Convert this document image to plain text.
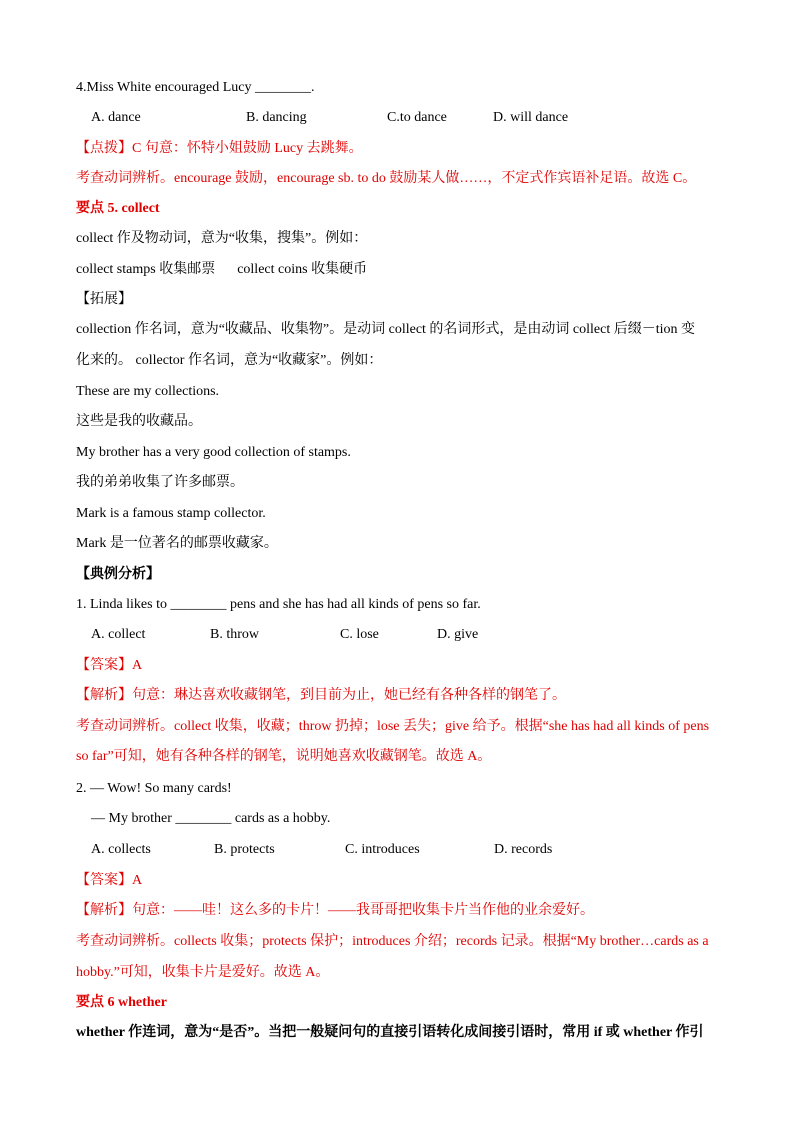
4.Miss White encouraged Lucy ________.
A. dance	B. dancing	C.to dance	D. will dance
【点拨】C 句意：怀特小姐鼓励 Lucy 去跳舞。
考查动词辨析。encourage 鼓励，encourage sb. to do 鼓励某人做……，不定式作宾语补足语。故选 C。
要点 5. collect
collect 作及物动词，意为“收集，搜集”。例如：
collect stamps 收集邮票 collect coins 收集硬币
【拓展】
collection 作名词，意为“收藏品、收集物”。是动词 collect 的名词形式，是由动词 collect 后缀－tion 变
化来的。 collector 作名词，意为“收藏家”。例如：
These are my collections.
这些是我的收藏品。
My brother has a very good collection of stamps.
我的弟弟收集了许多邮票。
Mark is a famous stamp collector.
Mark 是一位著名的邮票收藏家。
【典例分析】
1. Linda likes to ________ pens and she has had all kinds of pens so far.
A. collect	B. throw	C. lose	D. give
【答案】A
【解析】句意：琳达喜欢收藏钢笔，到目前为止，她已经有各种各样的钢笔了。
考查动词辨析。collect 收集，收藏；throw 扔掉；lose 丢失；give 给予。根据“she has had all kinds of pens
so far”可知，她有各种各样的钢笔，说明她喜欢收藏钢笔。故选 A。
2. — Wow! So many cards!
— My brother ________ cards as a hobby.
A. collects	B. protects	C. introduces	D. records
【答案】A
【解析】句意：——哇！这么多的卡片！——我哥哥把收集卡片当作他的业余爱好。
考查动词辨析。collects 收集；protects 保护；introduces 介绍；records 记录。根据“My brother…cards as a
hobby.”可知，收集卡片是爱好。故选 A。
要点 6 whether
whether 作连词，意为“是否”。当把一般疑问句的直接引语转化成间接引语时，常用 if 或 whether 作引
